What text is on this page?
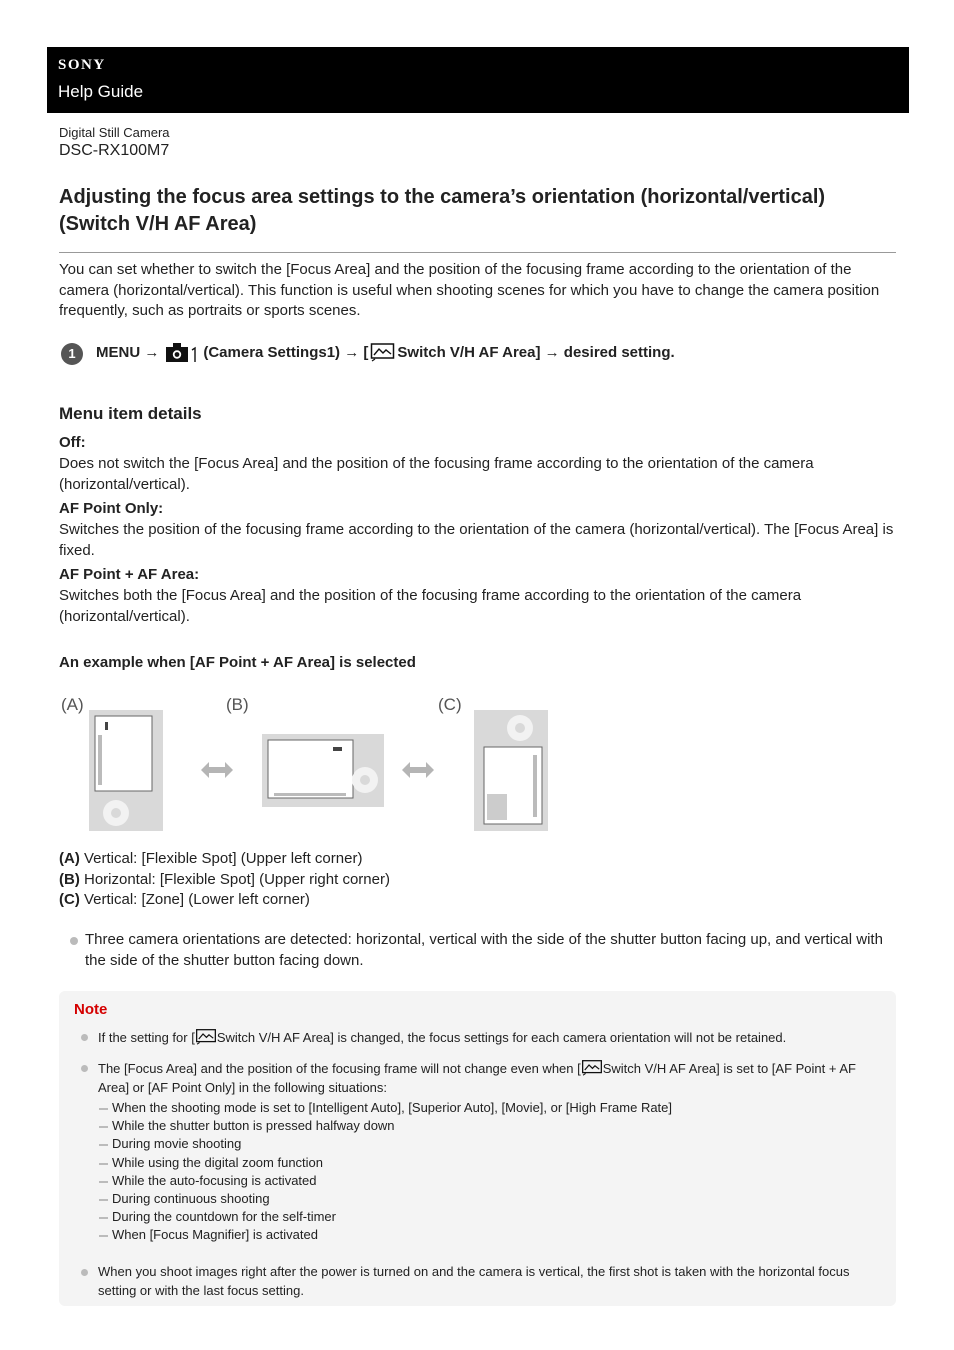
SONY
Help Guide
Digital Still Camera
DSC-RX100M7
Adjusting the focus area settings to the camera’s orientation (horizontal/vertical) (Switch V/H AF Area)

You can set whether to switch the [Focus Area] and the position of the focusing frame according to the orientation of the camera (horizontal/vertical). This function is useful when shooting scenes for which you have to change the camera position frequently, such as portraits or sports scenes.

1	MENU →	(Camera Settings1) → [ Switch V/H AF Area] → desired setting.
Menu item details
Off:
Does not switch the [Focus Area] and the position of the focusing frame according to the orientation of the camera (horizontal/vertical).
AF Point Only:
Switches the position of the focusing frame according to the orientation of the camera (horizontal/vertical). The [Focus Area] is fixed.
AF Point + AF Area:
Switches both the [Focus Area] and the position of the focusing frame according to the orientation of the camera (horizontal/vertical).
An example when [AF Point + AF Area] is selected
(A)	(B)	(C)
(A) Vertical: [Flexible Spot] (Upper left corner)
(B) Horizontal: [Flexible Spot] (Upper right corner)
(C) Vertical: [Zone] (Lower left corner)
Three camera orientations are detected: horizontal, vertical with the side of the shutter button facing up, and vertical with the side of the shutter button facing down.
Note
If the setting for [ Switch V/H AF Area] is changed, the focus settings for each camera orientation will not be retained.
The [Focus Area] and the position of the focusing frame will not change even when [ Switch V/H AF Area] is set to [AF Point + AF Area] or [AF Point Only] in the following situations:
When the shooting mode is set to [Intelligent Auto], [Superior Auto], [Movie], or [High Frame Rate]
While the shutter button is pressed halfway down
During movie shooting
While using the digital zoom function
While the auto-focusing is activated
During continuous shooting
During the countdown for the self-timer
When [Focus Magnifier] is activated
When you shoot images right after the power is turned on and the camera is vertical, the first shot is taken with the horizontal focus setting or with the last focus setting.
